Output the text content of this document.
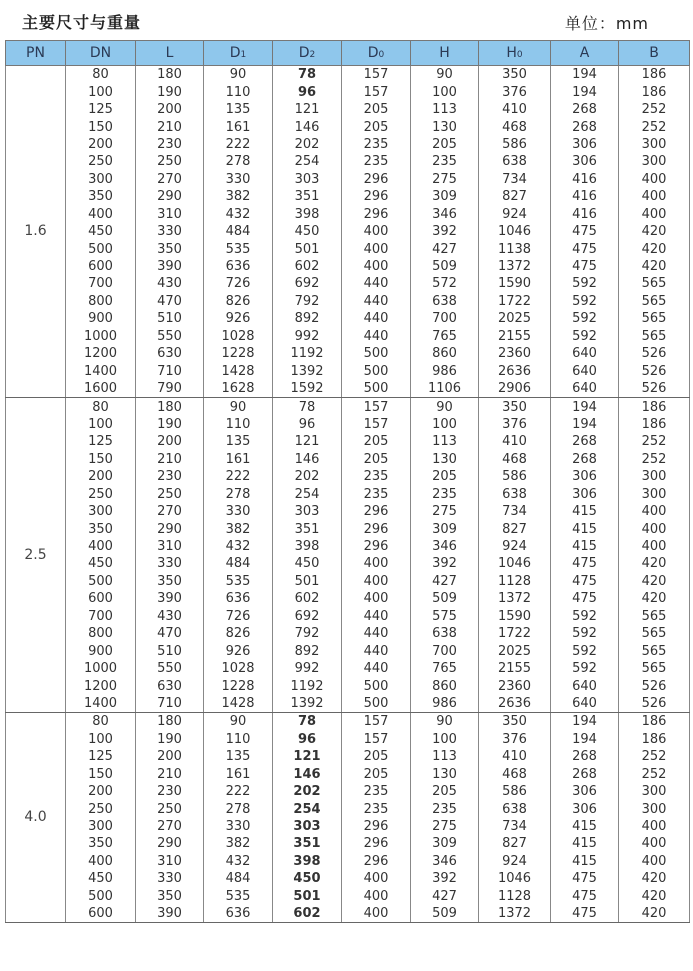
主要尺寸与重量	单位：mm
PN	DN	L	D1	D2	D0	H	H0	A	B
1.6	80	180	90	78	157	90	350	194	186
	100	190	110	96	157	100	376	194	186
	125	200	135	121	205	113	410	268	252
	150	210	161	146	205	130	468	268	252
	200	230	222	202	235	205	586	306	300
	250	250	278	254	235	235	638	306	300
	300	270	330	303	296	275	734	416	400
	350	290	382	351	296	309	827	416	400
	400	310	432	398	296	346	924	416	400
	450	330	484	450	400	392	1046	475	420
	500	350	535	501	400	427	1138	475	420
	600	390	636	602	400	509	1372	475	420
	700	430	726	692	440	572	1590	592	565
	800	470	826	792	440	638	1722	592	565
	900	510	926	892	440	700	2025	592	565
	1000	550	1028	992	440	765	2155	592	565
	1200	630	1228	1192	500	860	2360	640	526
	1400	710	1428	1392	500	986	2636	640	526
	1600	790	1628	1592	500	1106	2906	640	526
2.5	80	180	90	78	157	90	350	194	186
	100	190	110	96	157	100	376	194	186
	125	200	135	121	205	113	410	268	252
	150	210	161	146	205	130	468	268	252
	200	230	222	202	235	205	586	306	300
	250	250	278	254	235	235	638	306	300
	300	270	330	303	296	275	734	415	400
	350	290	382	351	296	309	827	415	400
	400	310	432	398	296	346	924	415	400
	450	330	484	450	400	392	1046	475	420
	500	350	535	501	400	427	1128	475	420
	600	390	636	602	400	509	1372	475	420
	700	430	726	692	440	575	1590	592	565
	800	470	826	792	440	638	1722	592	565
	900	510	926	892	440	700	2025	592	565
	1000	550	1028	992	440	765	2155	592	565
	1200	630	1228	1192	500	860	2360	640	526
	1400	710	1428	1392	500	986	2636	640	526
4.0	80	180	90	78	157	90	350	194	186
	100	190	110	96	157	100	376	194	186
	125	200	135	121	205	113	410	268	252
	150	210	161	146	205	130	468	268	252
	200	230	222	202	235	205	586	306	300
	250	250	278	254	235	235	638	306	300
	300	270	330	303	296	275	734	415	400
	350	290	382	351	296	309	827	415	400
	400	310	432	398	296	346	924	415	400
	450	330	484	450	400	392	1046	475	420
	500	350	535	501	400	427	1128	475	420
	600	390	636	602	400	509	1372	475	420
